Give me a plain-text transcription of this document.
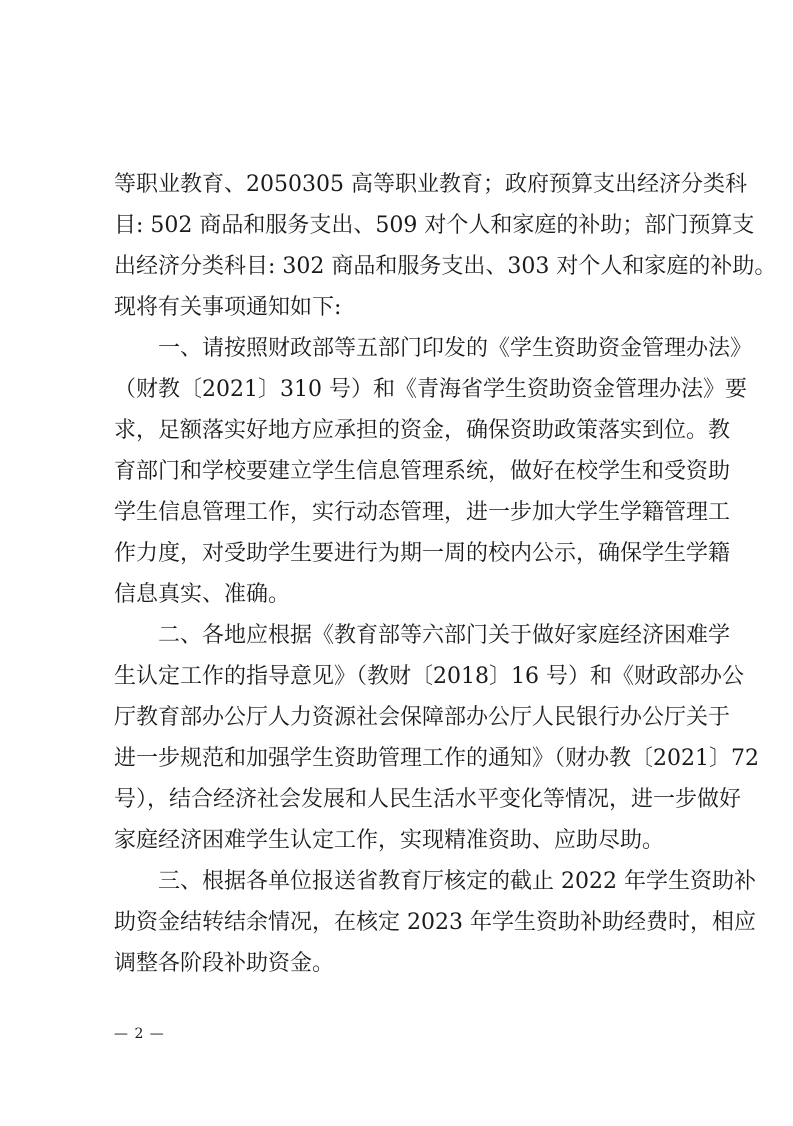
等职业教育、2050305 高等职业教育；政府预算支出经济分类科
目: 502 商品和服务支出、509 对个人和家庭的补助；部门预算支
出经济分类科目: 302 商品和服务支出、303 对个人和家庭的补助。
现将有关事项通知如下:
一、请按照财政部等五部门印发的《学生资助资金管理办法》
（财教〔2021〕310 号）和《青海省学生资助资金管理办法》要
求，足额落实好地方应承担的资金，确保资助政策落实到位。教
育部门和学校要建立学生信息管理系统，做好在校学生和受资助
学生信息管理工作，实行动态管理，进一步加大学生学籍管理工
作力度，对受助学生要进行为期一周的校内公示，确保学生学籍
信息真实、准确。
二、各地应根据《教育部等六部门关于做好家庭经济困难学
生认定工作的指导意见》（教财〔2018〕16 号）和《财政部办公
厅教育部办公厅人力资源社会保障部办公厅人民银行办公厅关于
进一步规范和加强学生资助管理工作的通知》（财办教〔2021〕72
号），结合经济社会发展和人民生活水平变化等情况，进一步做好
家庭经济困难学生认定工作，实现精准资助、应助尽助。
三、根据各单位报送省教育厅核定的截止 2022 年学生资助补
助资金结转结余情况，在核定 2023 年学生资助补助经费时，相应
调整各阶段补助资金。
— 2 —
